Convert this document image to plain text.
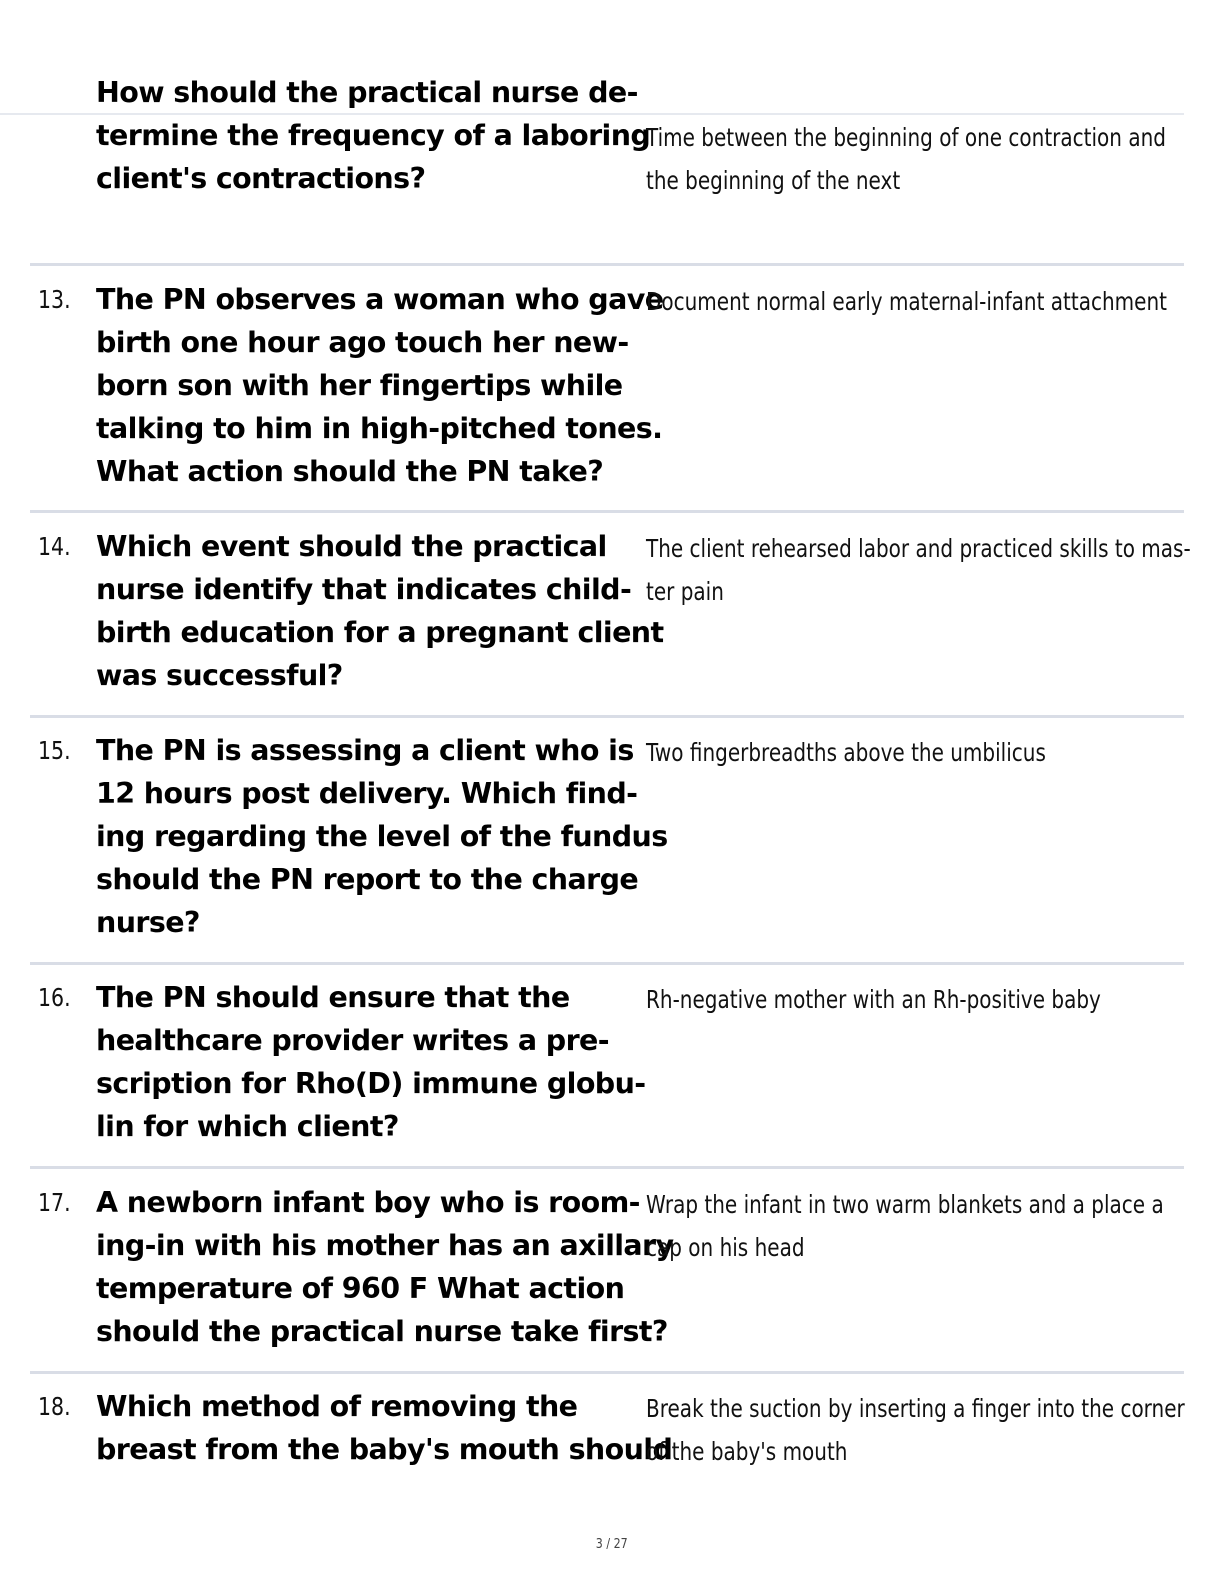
How should the practical nurse de-
termine the frequency of a laboring
client's contractions?
Time between the beginning of one contraction and
the beginning of the next
13. The PN observes a woman who gave
birth one hour ago touch her new-
born son with her fingertips while
talking to him in high-pitched tones.
What action should the PN take?
Document normal early maternal-infant attachment
14. Which event should the practical
nurse identify that indicates child-
birth education for a pregnant client
was successful?
The client rehearsed labor and practiced skills to mas-
ter pain
15. The PN is assessing a client who is
12 hours post delivery. Which find-
ing regarding the level of the fundus
should the PN report to the charge
nurse?
Two fingerbreadths above the umbilicus
16. The PN should ensure that the
healthcare provider writes a pre-
scription for Rho(D) immune globu-
lin for which client?
Rh-negative mother with an Rh-positive baby
17. A newborn infant boy who is room-
ing-in with his mother has an axillary
temperature of 960 F What action
should the practical nurse take first?
Wrap the infant in two warm blankets and a place a
cap on his head
18. Which method of removing the
breast from the baby's mouth should
Break the suction by inserting a finger into the corner
of the baby's mouth
3 / 27
